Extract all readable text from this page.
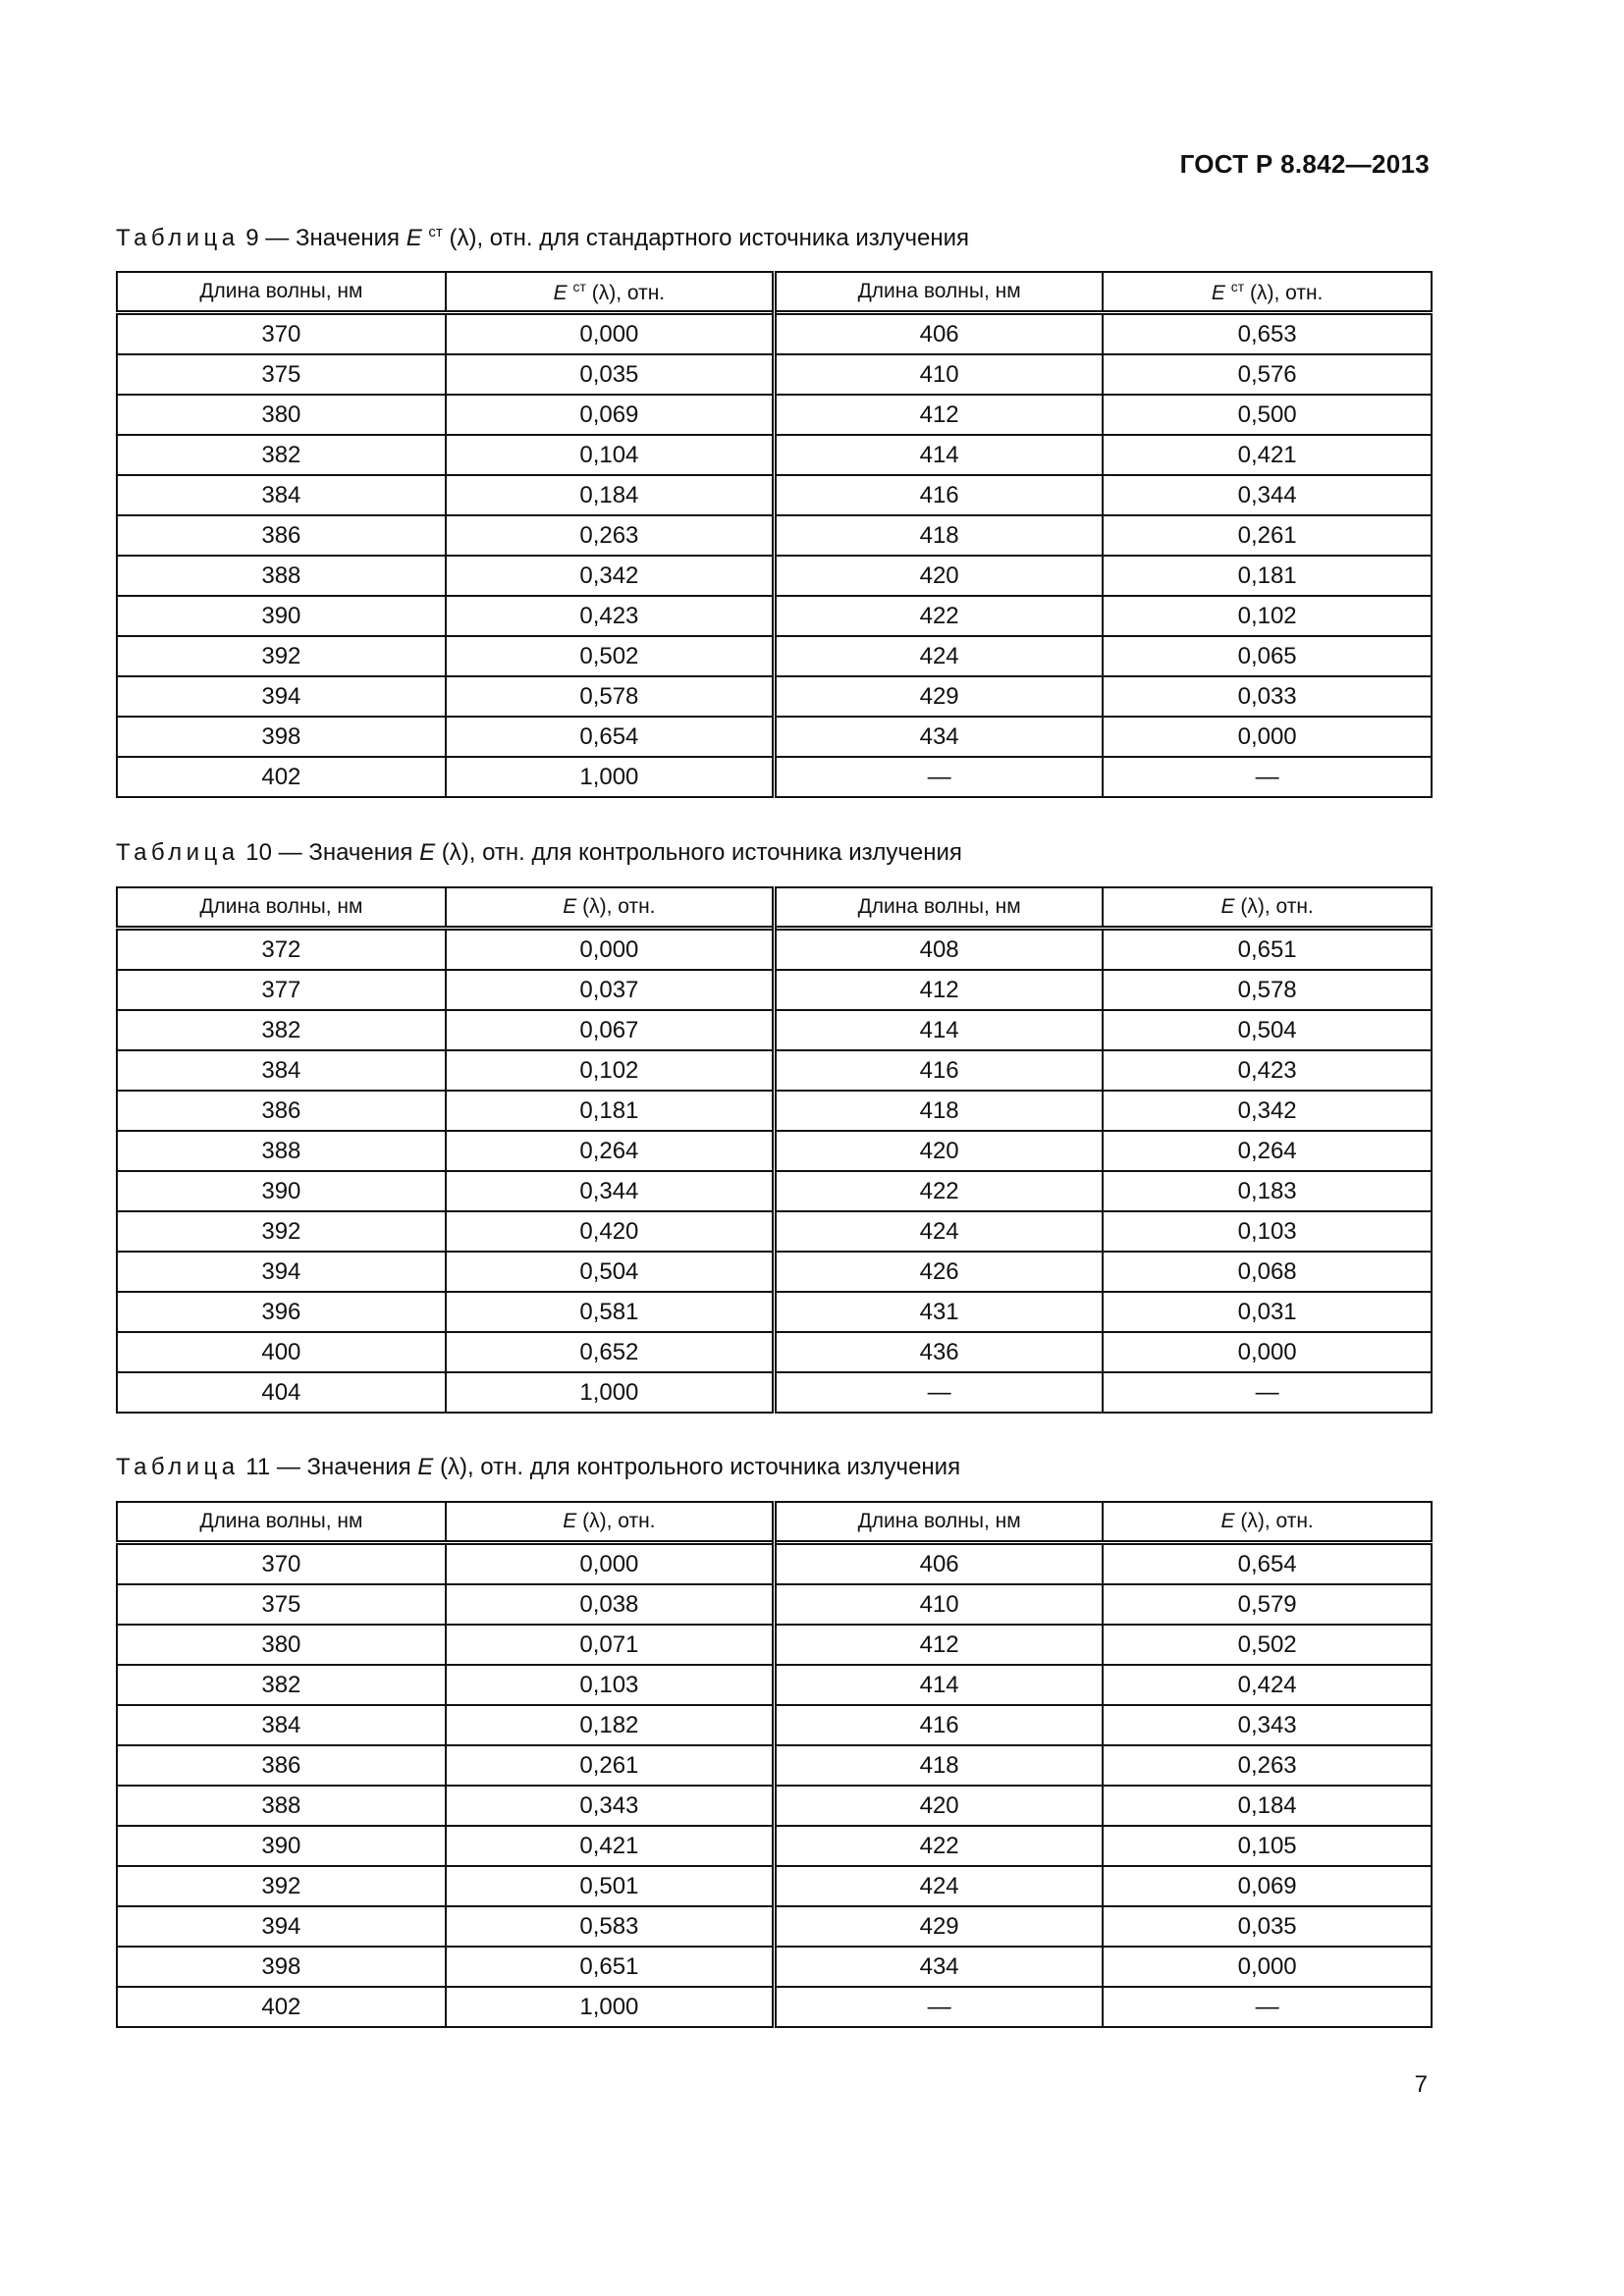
ГОСТ Р 8.842—2013
Таблица 9 — Значения E $^{ст}$ (λ), отн. для стандартного источника излучения
Длина волны, нм	E $^{ст}$ (λ), отн.	Длина волны, нм	E $^{ст}$ (λ), отн.
370	0,000	406	0,653
375	0,035	410	0,576
380	0,069	412	0,500
382	0,104	414	0,421
384	0,184	416	0,344
386	0,263	418	0,261
388	0,342	420	0,181
390	0,423	422	0,102
392	0,502	424	0,065
394	0,578	429	0,033
398	0,654	434	0,000
402	1,000	—	—
Таблица 10 — Значения E (λ), отн. для контрольного источника излучения
Длина волны, нм	E (λ), отн.	Длина волны, нм	E (λ), отн.
372	0,000	408	0,651
377	0,037	412	0,578
382	0,067	414	0,504
384	0,102	416	0,423
386	0,181	418	0,342
388	0,264	420	0,264
390	0,344	422	0,183
392	0,420	424	0,103
394	0,504	426	0,068
396	0,581	431	0,031
400	0,652	436	0,000
404	1,000	—	—
Таблица 11 — Значения E (λ), отн. для контрольного источника излучения
Длина волны, нм	E (λ), отн.	Длина волны, нм	E (λ), отн.
370	0,000	406	0,654
375	0,038	410	0,579
380	0,071	412	0,502
382	0,103	414	0,424
384	0,182	416	0,343
386	0,261	418	0,263
388	0,343	420	0,184
390	0,421	422	0,105
392	0,501	424	0,069
394	0,583	429	0,035
398	0,651	434	0,000
402	1,000	—	—
7
